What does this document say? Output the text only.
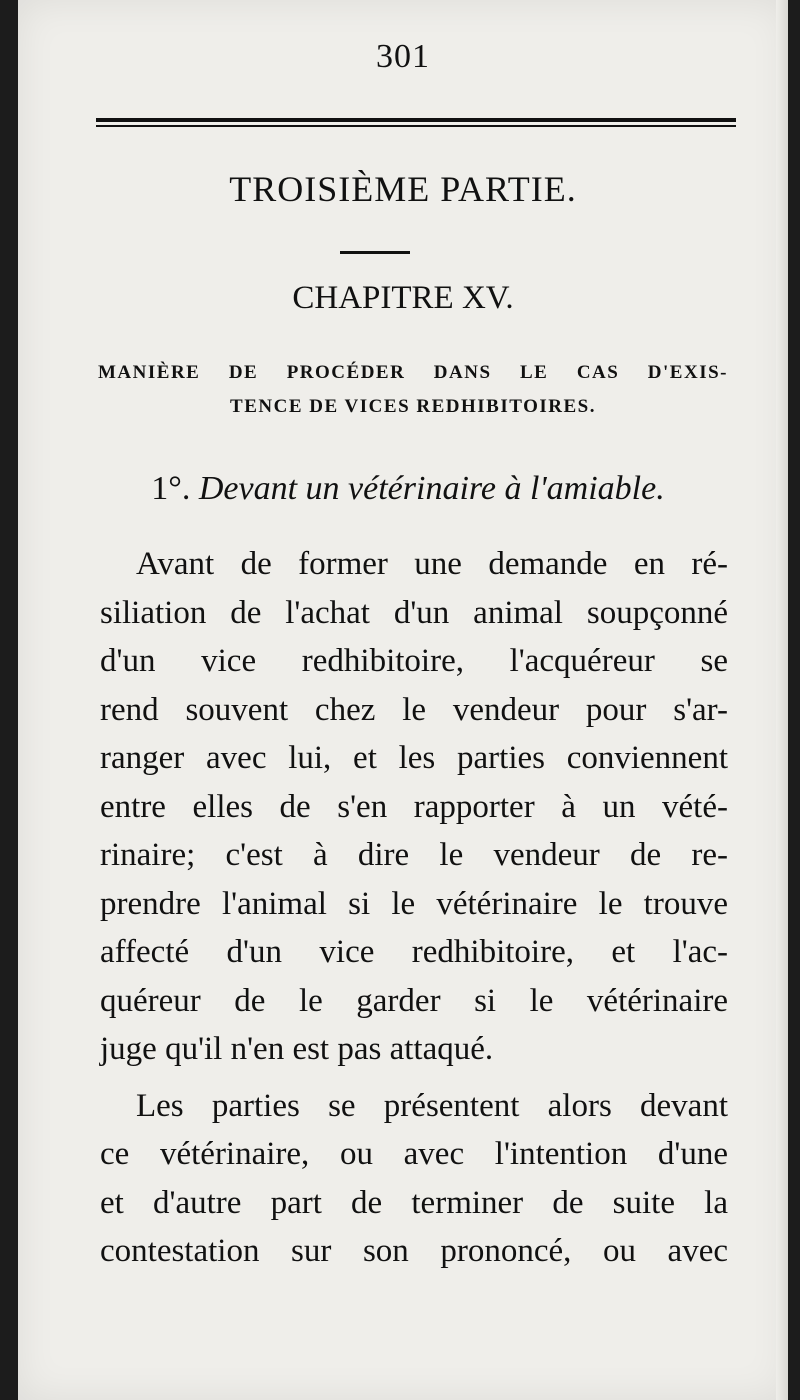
301
TROISIÈME PARTIE.
CHAPITRE XV.
MANIÈRE DE PROCÉDER DANS LE CAS D'EXIS-
TENCE DE VICES REDHIBITOIRES.
1°. Devant un vétérinaire à l'amiable.
Avant de former une demande en ré-
siliation de l'achat d'un animal soupçonné
d'un vice redhibitoire, l'acquéreur se
rend souvent chez le vendeur pour s'ar-
ranger avec lui, et les parties conviennent
entre elles de s'en rapporter à un vété-
rinaire; c'est à dire le vendeur de re-
prendre l'animal si le vétérinaire le trouve
affecté d'un vice redhibitoire, et l'ac-
quéreur de le garder si le vétérinaire
juge qu'il n'en est pas attaqué.
Les parties se présentent alors devant
ce vétérinaire, ou avec l'intention d'une
et d'autre part de terminer de suite la
contestation sur son prononcé, ou avec
